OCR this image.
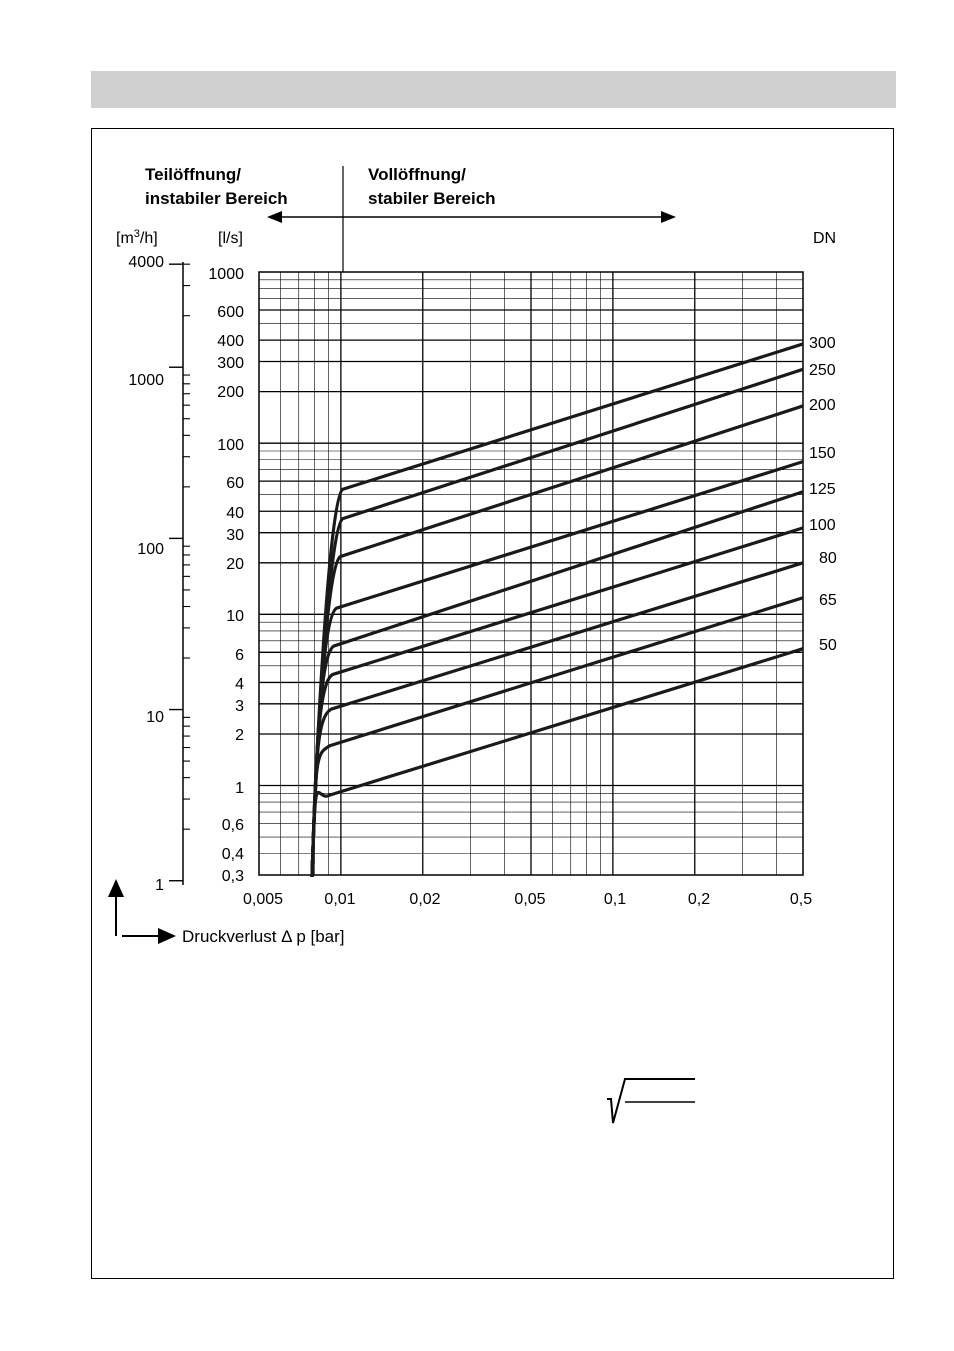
Teilöffnung/
instabiler Bereich
Vollöffnung/
stabiler Bereich
$[m^3/h]$	[l/s]	DN
4000
1000
100
10
1
1000
600
400
300
200
100
60
40
30
20
10
6
4
3
2
1
0,6
0,4
0,3
0,005	0,01	0,02	0,05	0,1	0,2	0,5
300
250
200
150
125
100
80
65
50
Druckverlust Δ p [bar]
